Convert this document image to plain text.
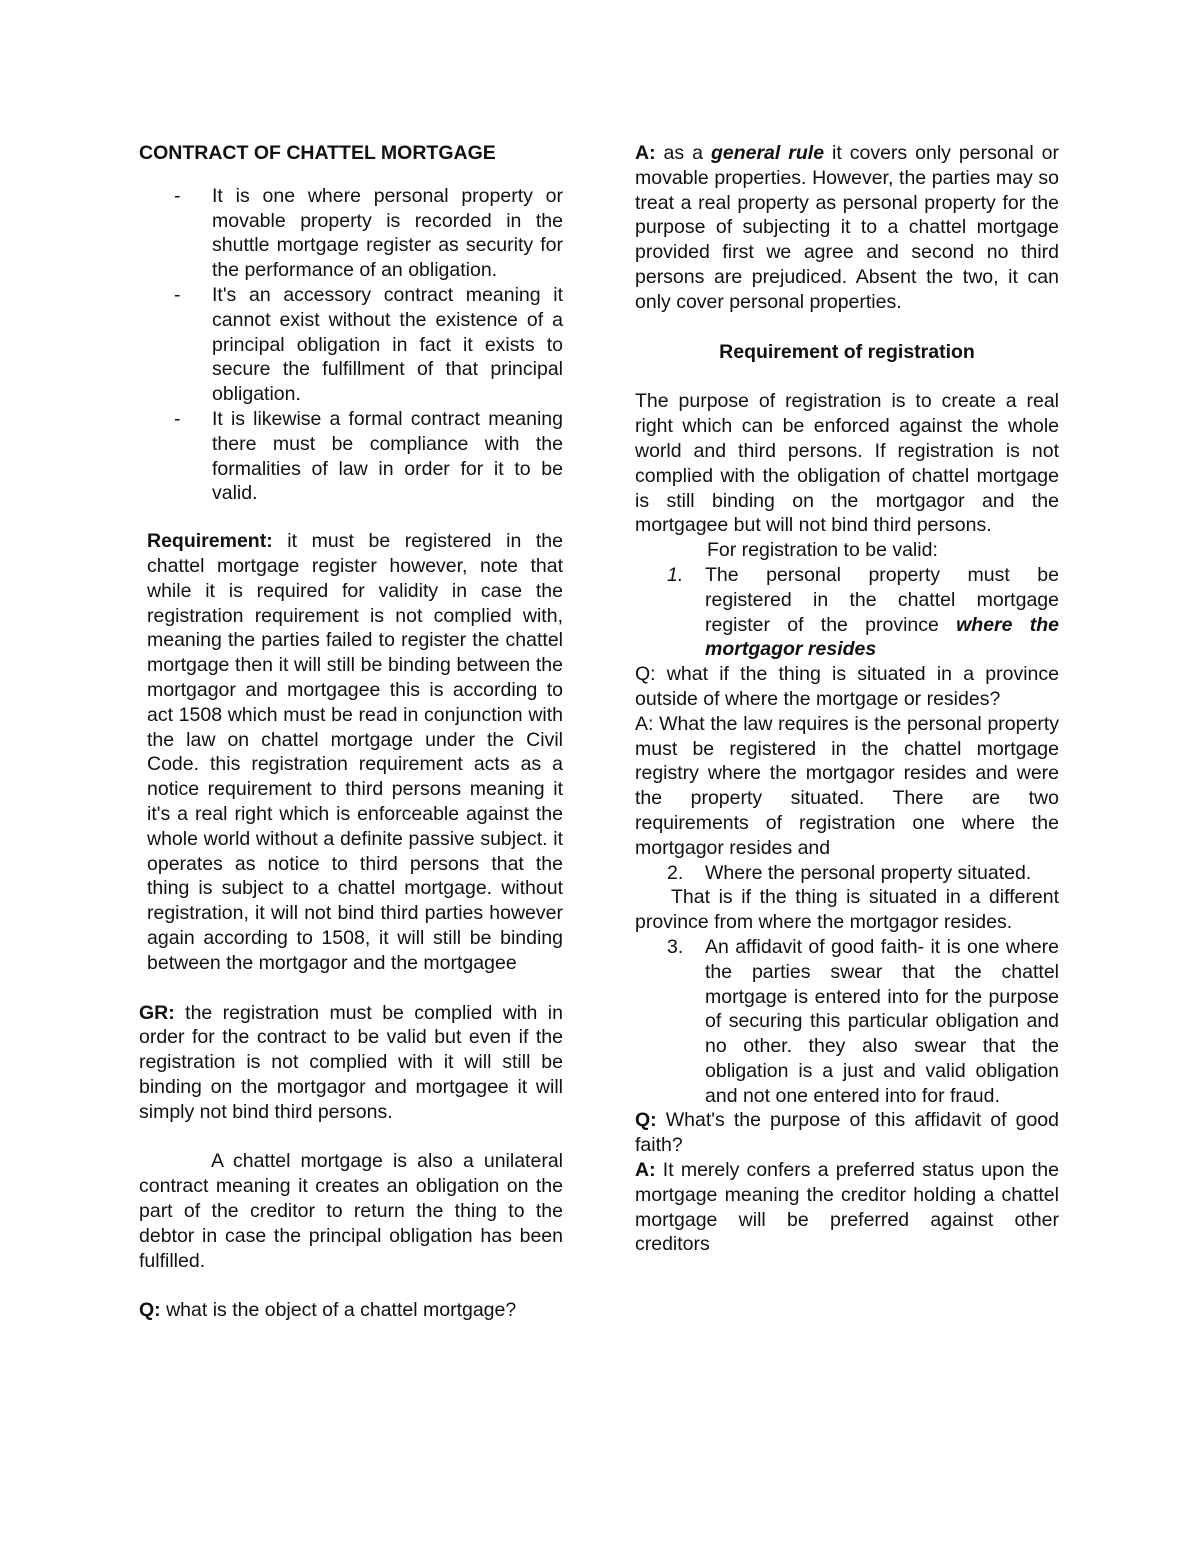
CONTRACT OF CHATTEL MORTGAGE

- It is one where personal property or movable property is recorded in the shuttle mortgage register as security for the performance of an obligation.
- It's an accessory contract meaning it cannot exist without the existence of a principal obligation in fact it exists to secure the fulfillment of that principal obligation.
- It is likewise a formal contract meaning there must be compliance with the formalities of law in order for it to be valid.

Requirement: it must be registered in the chattel mortgage register however, note that while it is required for validity in case the registration requirement is not complied with, meaning the parties failed to register the chattel mortgage then it will still be binding between the mortgagor and mortgagee this is according to act 1508 which must be read in conjunction with the law on chattel mortgage under the Civil Code. this registration requirement acts as a notice requirement to third persons meaning it it's a real right which is enforceable against the whole world without a definite passive subject. it operates as notice to third persons that the thing is subject to a chattel mortgage. without registration, it will not bind third parties however again according to 1508, it will still be binding between the mortgagor and the mortgagee

GR: the registration must be complied with in order for the contract to be valid but even if the registration is not complied with it will still be binding on the mortgagor and mortgagee it will simply not bind third persons.

A chattel mortgage is also a unilateral contract meaning it creates an obligation on the part of the creditor to return the thing to the debtor in case the principal obligation has been fulfilled.

Q: what is the object of a chattel mortgage?

A: as a general rule it covers only personal or movable properties. However, the parties may so treat a real property as personal property for the purpose of subjecting it to a chattel mortgage provided first we agree and second no third persons are prejudiced. Absent the two, it can only cover personal properties.

Requirement of registration

The purpose of registration is to create a real right which can be enforced against the whole world and third persons. If registration is not complied with the obligation of chattel mortgage is still binding on the mortgagor and the mortgagee but will not bind third persons.

For registration to be valid:

1. The personal property must be registered in the chattel mortgage register of the province where the mortgagor resides

Q: what if the thing is situated in a province outside of where the mortgage or resides?

A: What the law requires is the personal property must be registered in the chattel mortgage registry where the mortgagor resides and were the property situated. There are two requirements of registration one where the mortgagor resides and

2. Where the personal property situated.

That is if the thing is situated in a different province from where the mortgagor resides.

3. An affidavit of good faith- it is one where the parties swear that the chattel mortgage is entered into for the purpose of securing this particular obligation and no other. they also swear that the obligation is a just and valid obligation and not one entered into for fraud.

Q: What's the purpose of this affidavit of good faith?

A: It merely confers a preferred status upon the mortgage meaning the creditor holding a chattel mortgage will be preferred against other creditors
